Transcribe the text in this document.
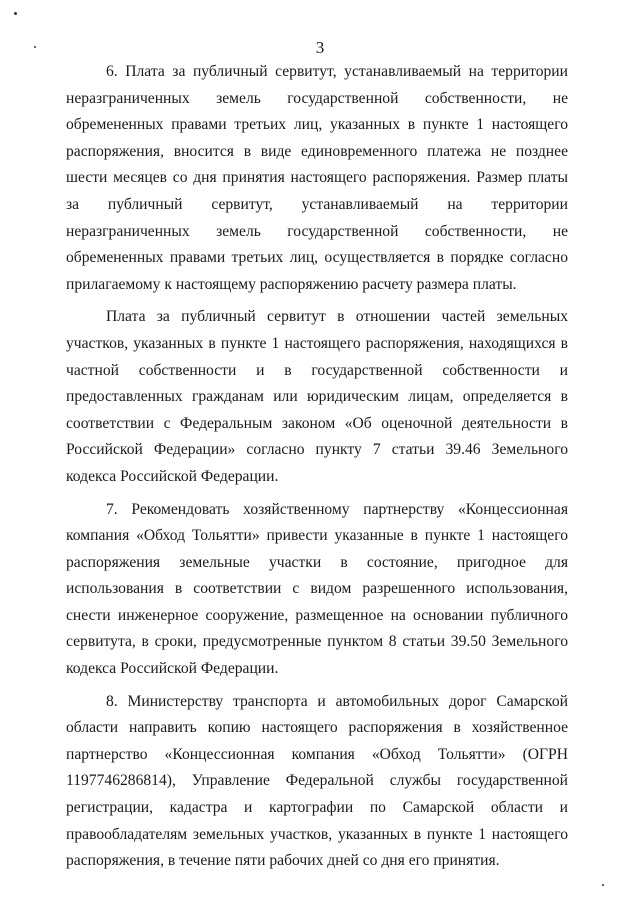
3

6. Плата за публичный сервитут, устанавливаемый на территории неразграниченных земель государственной собственности, не обремененных правами третьих лиц, указанных в пункте 1 настоящего распоряжения, вносится в виде единовременного платежа не позднее шести месяцев со дня принятия настоящего распоряжения. Размер платы за публичный сервитут, устанавливаемый на территории неразграниченных земель государственной собственности, не обремененных правами третьих лиц, осуществляется в порядке согласно прилагаемому к настоящему распоряжению расчету размера платы.

Плата за публичный сервитут в отношении частей земельных участков, указанных в пункте 1 настоящего распоряжения, находящихся в частной собственности и в государственной собственности и предоставленных гражданам или юридическим лицам, определяется в соответствии с Федеральным законом «Об оценочной деятельности в Российской Федерации» согласно пункту 7 статьи 39.46 Земельного кодекса Российской Федерации.

7. Рекомендовать хозяйственному партнерству «Концессионная компания «Обход Тольятти» привести указанные в пункте 1 настоящего распоряжения земельные участки в состояние, пригодное для использования в соответствии с видом разрешенного использования, снести инженерное сооружение, размещенное на основании публичного сервитута, в сроки, предусмотренные пунктом 8 статьи 39.50 Земельного кодекса Российской Федерации.

8. Министерству транспорта и автомобильных дорог Самарской области направить копию настоящего распоряжения в хозяйственное партнерство «Концессионная компания «Обход Тольятти» (ОГРН 1197746286814), Управление Федеральной службы государственной регистрации, кадастра и картографии по Самарской области и правообладателям земельных участков, указанных в пункте 1 настоящего распоряжения, в течение пяти рабочих дней со дня его принятия.
